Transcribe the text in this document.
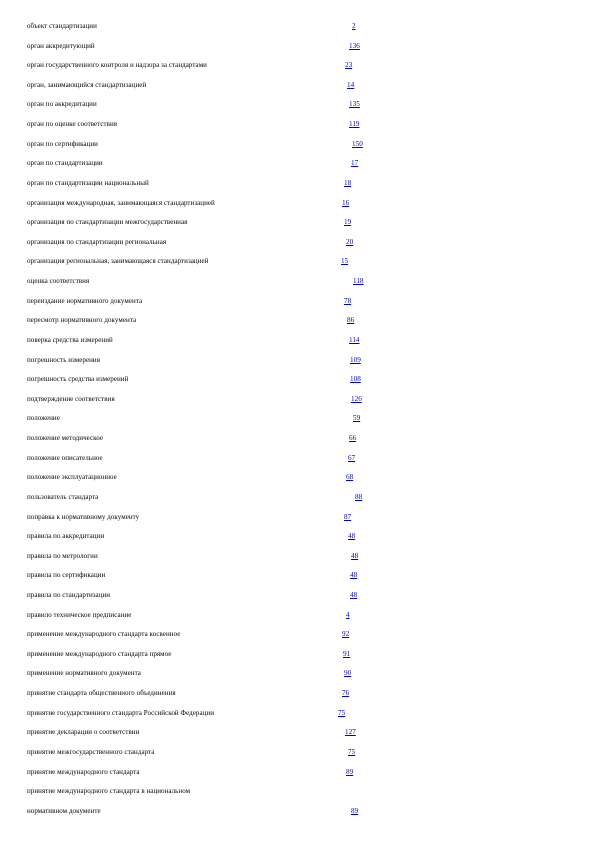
объект стандартизации	2
орган аккредитующий	136
орган государственного контроля и надзора за стандартами	23
орган, занимающийся стандартизацией	14
орган по аккредитации	135
орган по оценке соответствия	119
орган по сертификации	150
орган по стандартизации	17
орган по стандартизации национальный	18
организация международная, занимающаяся стандартизацией	16
организация по стандартизации межгосударственная	19
организация по стандартизации региональная	20
организация региональная, занимающаяся стандартизацией	15
оценка соответствия	118
переиздание нормативного документа	78
пересмотр нормативного документа	86
поверка средства измерений	114
погрешность измерения	109
погрешность средства измерений	108
подтверждение соответствия	126
положение	59
положение методическое	66
положение описательное	67
положение эксплуатационное	68
пользователь стандарта	88
поправка к нормативному документу	87
правила по аккредитации	48
правила по метрологии	48
правила по сертификации	48
правила по стандартизации	48
правило техническое предписание	4
применение международного стандарта косвенное	92
применение международного стандарта прямое	91
применение нормативного документа	90
принятие стандарта общественного объединения	76
принятие государственного стандарта Российской Федерации	75
принятие декларации о соответствии	127
принятие межгосударственного стандарта	75
принятие международного стандарта	89
принятие международного стандарта в национальном
нормативном документе	89
